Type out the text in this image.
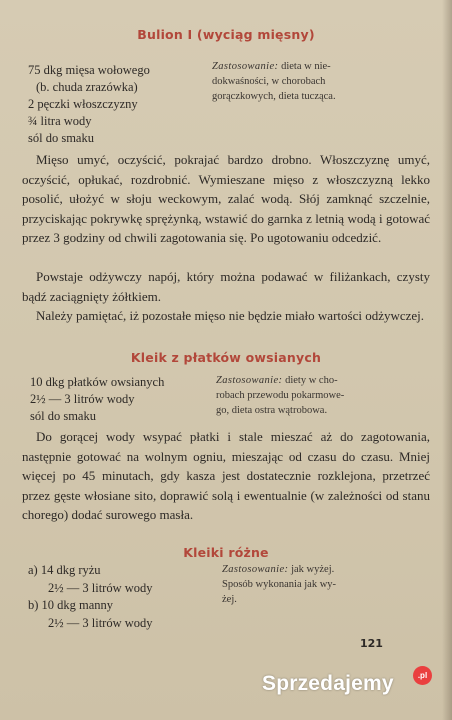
Bulion I (wyciąg mięsny)
75 dkg mięsa wołowego
(b. chuda zrazówka)
2 pęczki włoszczyzny
¾ litra wody
sól do smaku
Zastosowanie: dieta w nie-
dokwaśności, w chorobach
gorączkowych, dieta tucząca.

Mięso umyć, oczyścić, pokrajać bardzo drobno. Włoszczyznę umyć, oczyścić, opłukać, rozdrobnić. Wymieszane mięso z włoszczyzną lekko posolić, ułożyć w słoju weckowym, zalać wodą. Słój zamknąć szczelnie, przyciskając pokrywkę sprężynką, wstawić do garnka z letnią wodą i gotować przez 3 godziny od chwili zagotowania się. Po ugotowaniu odcedzić.

Powstaje odżywczy napój, który można podawać w filiżankach, czysty bądź zaciągnięty żółtkiem.

Należy pamiętać, iż pozostałe mięso nie będzie miało wartości odżywczej.

Kleik z płatków owsianych
10 dkg płatków owsianych
2½ — 3 litrów wody
sól do smaku
Zastosowanie: diety w cho-
robach przewodu pokarmowe-
go, dieta ostra wątrobowa.

Do gorącej wody wsypać płatki i stale mieszać aż do zagotowania, następnie gotować na wolnym ogniu, mieszając od czasu do czasu. Mniej więcej po 45 minutach, gdy kasza jest dostatecznie rozklejona, przetrzeć przez gęste włosiane sito, doprawić solą i ewentualnie (w zależności od stanu chorego) dodać surowego masła.

Kleiki różne
a) 14 dkg ryżu
2½ — 3 litrów wody
b) 10 dkg manny
2½ — 3 litrów wody
Zastosowanie: jak wyżej.
Sposób wykonania jak wy-
żej.
121
Sprzedajemy	.pl
